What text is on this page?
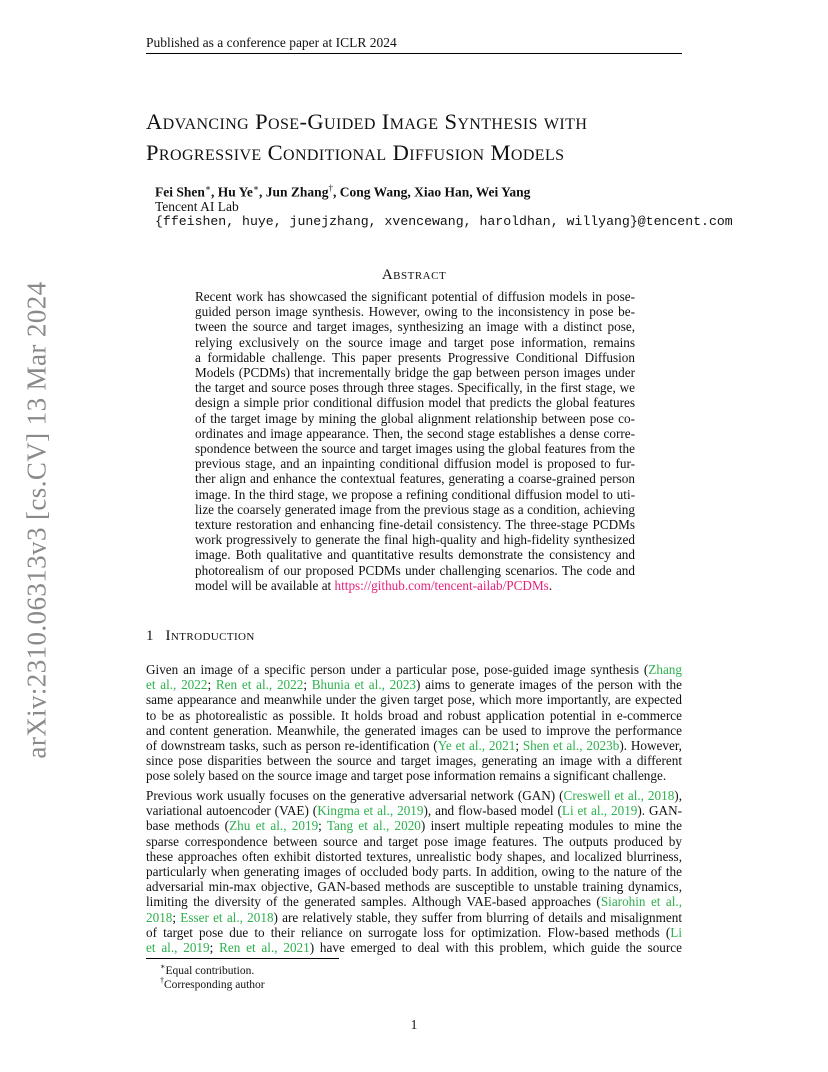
arXiv:2310.06313v3 [cs.CV] 13 Mar 2024
Published as a conference paper at ICLR 2024
Advancing Pose-Guided Image Synthesis with
Progressive Conditional Diffusion Models
Fei Shen∗, Hu Ye∗, Jun Zhang†, Cong Wang, Xiao Han, Wei Yang
Tencent AI Lab
{ffeishen, huye, junejzhang, xvencewang, haroldhan, willyang}@tencent.com
Abstract
Recent work has showcased the significant potential of diffusion models in pose-
guided person image synthesis. However, owing to the inconsistency in pose be-
tween the source and target images, synthesizing an image with a distinct pose,
relying exclusively on the source image and target pose information, remains
a formidable challenge. This paper presents Progressive Conditional Diffusion
Models (PCDMs) that incrementally bridge the gap between person images under
the target and source poses through three stages. Specifically, in the first stage, we
design a simple prior conditional diffusion model that predicts the global features
of the target image by mining the global alignment relationship between pose co-
ordinates and image appearance. Then, the second stage establishes a dense corre-
spondence between the source and target images using the global features from the
previous stage, and an inpainting conditional diffusion model is proposed to fur-
ther align and enhance the contextual features, generating a coarse-grained person
image. In the third stage, we propose a refining conditional diffusion model to uti-
lize the coarsely generated image from the previous stage as a condition, achieving
texture restoration and enhancing fine-detail consistency. The three-stage PCDMs
work progressively to generate the final high-quality and high-fidelity synthesized
image. Both qualitative and quantitative results demonstrate the consistency and
photorealism of our proposed PCDMs under challenging scenarios. The code and
model will be available at https://github.com/tencent-ailab/PCDMs.
1 Introduction
Given an image of a specific person under a particular pose, pose-guided image synthesis (Zhang
et al., 2022; Ren et al., 2022; Bhunia et al., 2023) aims to generate images of the person with the
same appearance and meanwhile under the given target pose, which more importantly, are expected
to be as photorealistic as possible. It holds broad and robust application potential in e-commerce
and content generation. Meanwhile, the generated images can be used to improve the performance
of downstream tasks, such as person re-identification (Ye et al., 2021; Shen et al., 2023b). However,
since pose disparities between the source and target images, generating an image with a different
pose solely based on the source image and target pose information remains a significant challenge.
Previous work usually focuses on the generative adversarial network (GAN) (Creswell et al., 2018),
variational autoencoder (VAE) (Kingma et al., 2019), and flow-based model (Li et al., 2019). GAN-
base methods (Zhu et al., 2019; Tang et al., 2020) insert multiple repeating modules to mine the
sparse correspondence between source and target pose image features. The outputs produced by
these approaches often exhibit distorted textures, unrealistic body shapes, and localized blurriness,
particularly when generating images of occluded body parts. In addition, owing to the nature of the
adversarial min-max objective, GAN-based methods are susceptible to unstable training dynamics,
limiting the diversity of the generated samples. Although VAE-based approaches (Siarohin et al.,
2018; Esser et al., 2018) are relatively stable, they suffer from blurring of details and misalignment
of target pose due to their reliance on surrogate loss for optimization. Flow-based methods (Li
et al., 2019; Ren et al., 2021) have emerged to deal with this problem, which guide the source
∗Equal contribution.
†Corresponding author
1
